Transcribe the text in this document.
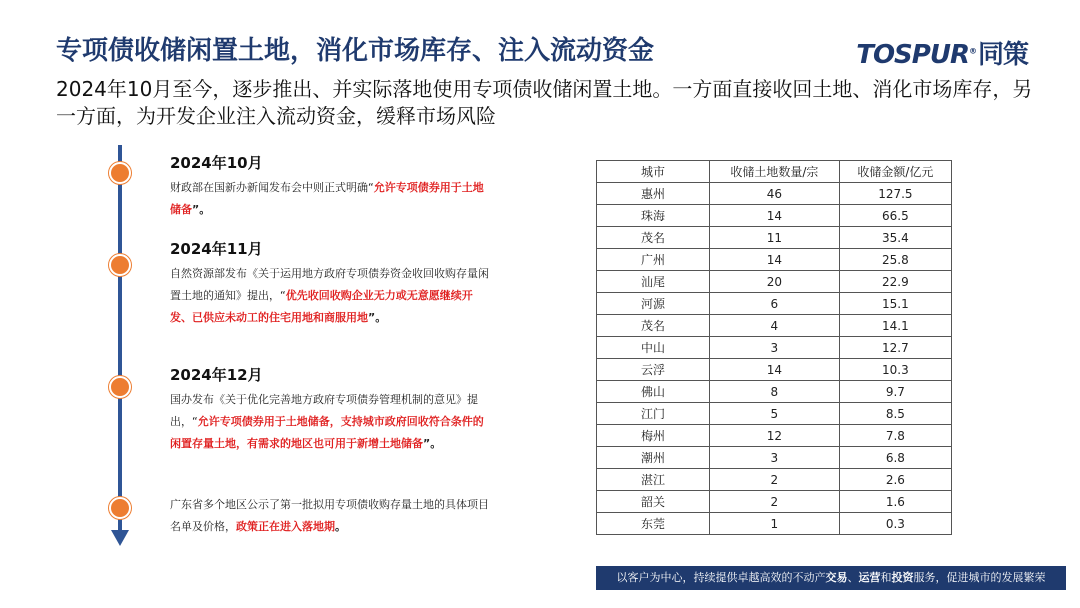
专项债收储闲置土地，消化市场库存、注入流动资金	TOSPUR®同策
2024年10月至今，逐步推出、并实际落地使用专项债收储闲置土地。一方面直接收回土地、消化市场库存，另一方面，为开发企业注入流动资金，缓释市场风险
2024年10月
财政部在国新办新闻发布会中则正式明确“允许专项债券用于土地储备”。
2024年11月
自然资源部发布《关于运用地方政府专项债券资金收回收购存量闲置土地的通知》提出，“优先收回收购企业无力或无意愿继续开发、已供应未动工的住宅用地和商服用地”。
2024年12月
国办发布《关于优化完善地方政府专项债券管理机制的意见》提出，“允许专项债券用于土地储备，支持城市政府回收符合条件的闲置存量土地，有需求的地区也可用于新增土地储备”。
广东省多个地区公示了第一批拟用专项债收购存量土地的具体项目名单及价格，政策正在进入落地期。
城市	收储土地数量/宗	收储金额/亿元
惠州	46	127.5
珠海	14	66.5
茂名	11	35.4
广州	14	25.8
汕尾	20	22.9
河源	6	15.1
茂名	4	14.1
中山	3	12.7
云浮	14	10.3
佛山	8	9.7
江门	5	8.5
梅州	12	7.8
潮州	3	6.8
湛江	2	2.6
韶关	2	1.6
东莞	1	0.3
以客户为中心，持续提供卓越高效的不动产交易、运营和投资服务，促进城市的发展繁荣
